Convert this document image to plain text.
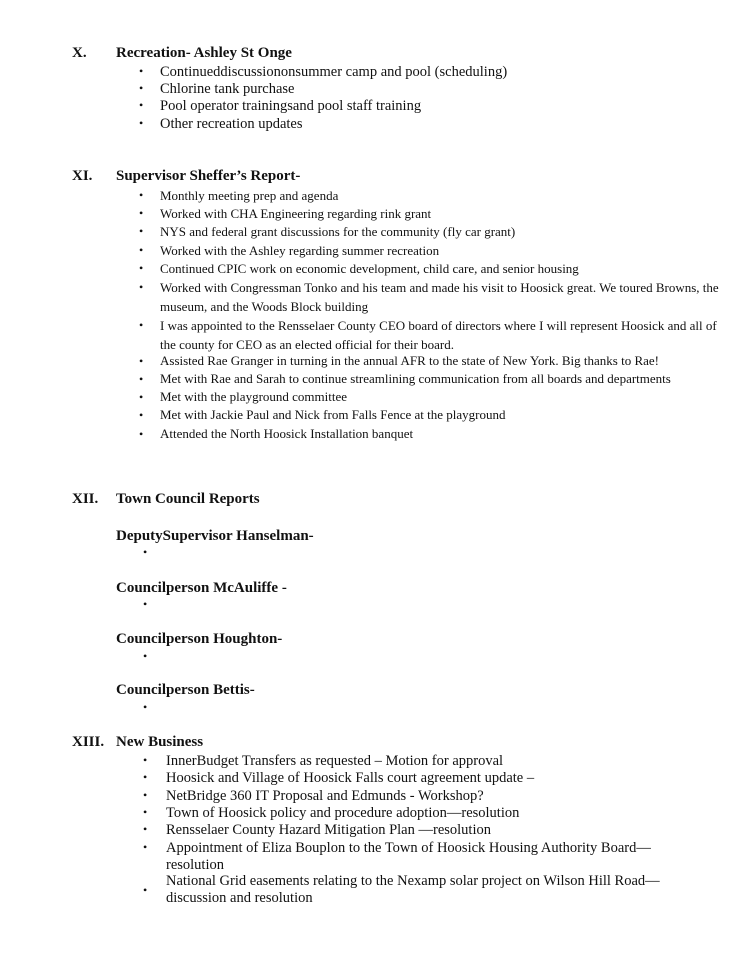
X. Recreation- Ashley St Onge
• Continueddiscussiononsummer camp and pool (scheduling)
• Chlorine tank purchase
• Pool operator trainingsand pool staff training
• Other recreation updates
XI. Supervisor Sheffer’s Report-
• Monthly meeting prep and agenda
• Worked with CHA Engineering regarding rink grant
• NYS and federal grant discussions for the community (fly car grant)
• Worked with the Ashley regarding summer recreation
• Continued CPIC work on economic development, child care, and senior housing
• Worked with Congressman Tonko and his team and made his visit to Hoosick great. We toured Browns, the museum, and the Woods Block building
• I was appointed to the Rensselaer County CEO board of directors where I will represent Hoosick and all of the county for CEO as an elected official for their board.
• Assisted Rae Granger in turning in the annual AFR to the state of New York. Big thanks to Rae!
• Met with Rae and Sarah to continue streamlining communication from all boards and departments
• Met with the playground committee
• Met with Jackie Paul and Nick from Falls Fence at the playground
• Attended the North Hoosick Installation banquet
XII. Town Council Reports
DeputySupervisor Hanselman-
•
Councilperson McAuliffe -
•
Councilperson Houghton-
•
Councilperson Bettis-
•
XIII. New Business
• InnerBudget Transfers as requested – Motion for approval
• Hoosick and Village of Hoosick Falls court agreement update –
• NetBridge 360 IT Proposal and Edmunds - Workshop?
• Town of Hoosick policy and procedure adoption—resolution
• Rensselaer County Hazard Mitigation Plan —resolution
• Appointment of Eliza Bouplon to the Town of Hoosick Housing Authority Board—resolution
•
National Grid easements relating to the Nexamp solar project on Wilson Hill Road—discussion and resolution
